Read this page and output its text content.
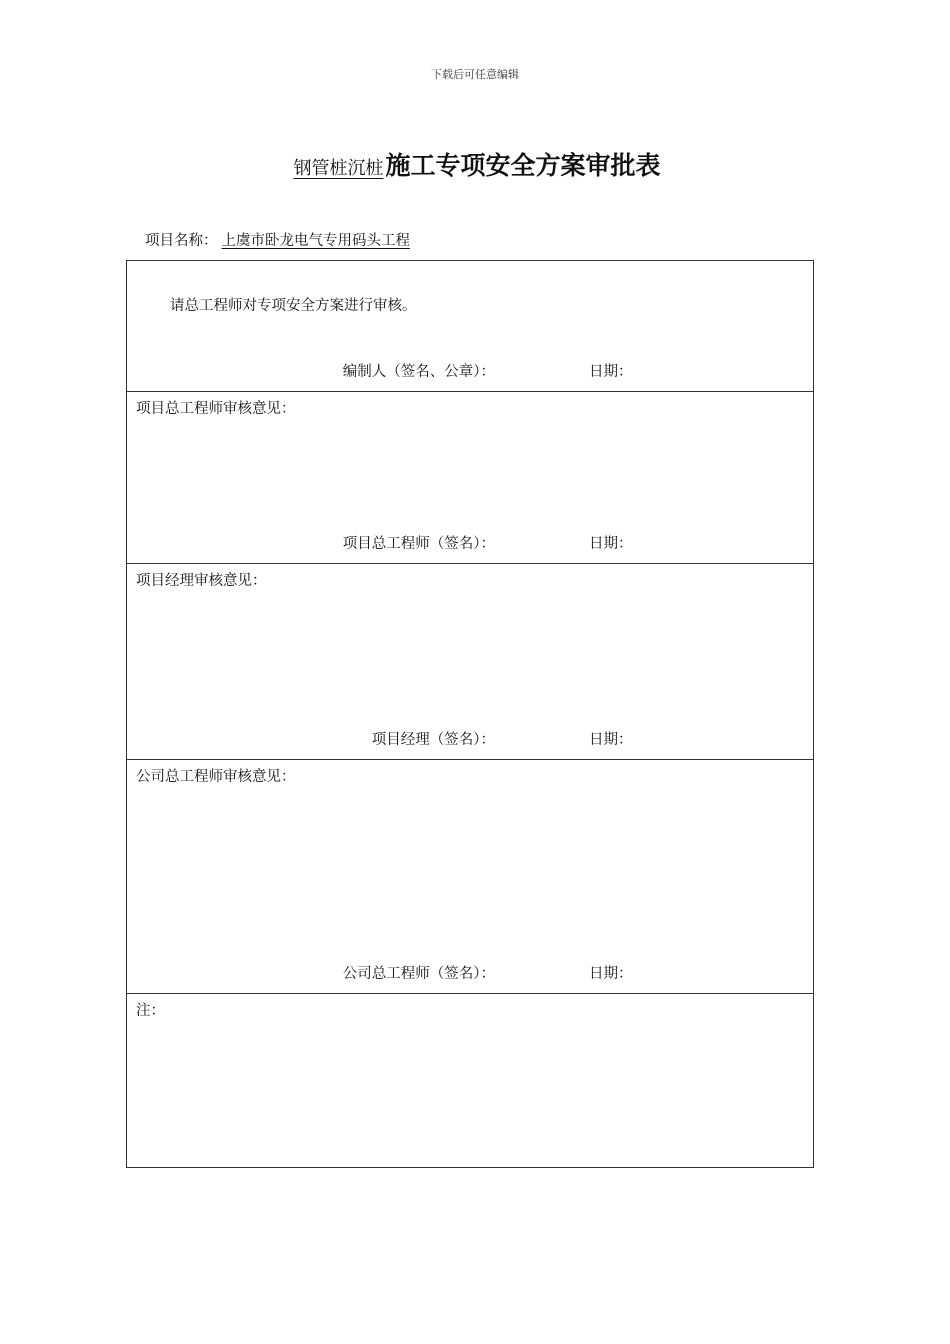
下载后可任意编辑
钢管桩沉桩施工专项安全方案审批表
项目名称： 上虞市卧龙电气专用码头工程
请总工程师对专项安全方案进行审核。
编制人（签名、公章）：	日期：
项目总工程师审核意见：
项目总工程师（签名）：	日期：
项目经理审核意见：
项目经理（签名）：	日期：
公司总工程师审核意见：
公司总工程师（签名）：	日期：
注：
